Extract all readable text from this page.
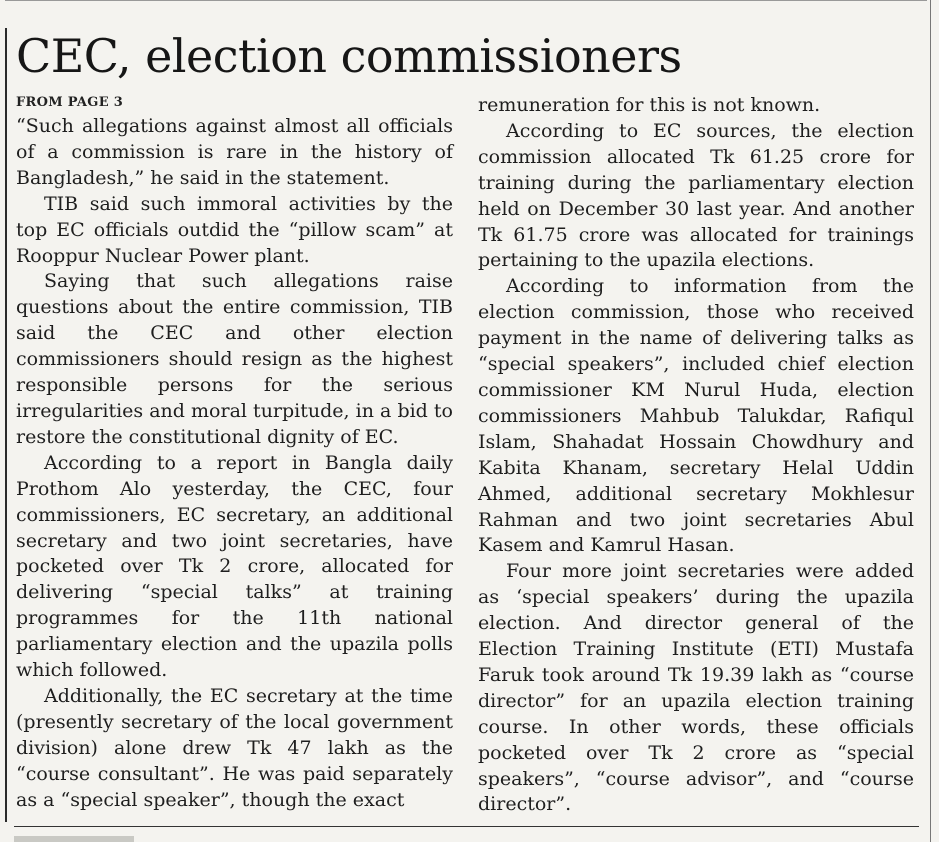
CEC, election commissioners
FROM PAGE 3

“Such allegations against almost all officials of a commission is rare in the history of Bangladesh,” he said in the statement.

TIB said such immoral activities by the top EC officials outdid the “pillow scam” at Rooppur Nuclear Power plant.

Saying that such allegations raise questions about the entire commission, TIB said the CEC and other election commissioners should resign as the highest responsible persons for the serious irregularities and moral turpitude, in a bid to restore the constitutional dignity of EC.

According to a report in Bangla daily Prothom Alo yesterday, the CEC, four commissioners, EC secretary, an additional secretary and two joint secretaries, have pocketed over Tk 2 crore, allocated for delivering “special talks” at training programmes for the 11th national parliamentary election and the upazila polls which followed.

Additionally, the EC secretary at the time (presently secretary of the local government division) alone drew Tk 47 lakh as the “course consultant”. He was paid separately as a “special speaker”, though the exact

remuneration for this is not known.

According to EC sources, the election commission allocated Tk 61.25 crore for training during the parliamentary election held on December 30 last year. And another Tk 61.75 crore was allocated for trainings pertaining to the upazila elections.

According to information from the election commission, those who received payment in the name of delivering talks as “special speakers”, included chief election commissioner KM Nurul Huda, election commissioners Mahbub Talukdar, Rafiqul Islam, Shahadat Hossain Chowdhury and Kabita Khanam, secretary Helal Uddin Ahmed, additional secretary Mokhlesur Rahman and two joint secretaries Abul Kasem and Kamrul Hasan.

Four more joint secretaries were added as ‘special speakers’ during the upazila election. And director general of the Election Training Institute (ETI) Mustafa Faruk took around Tk 19.39 lakh as “course director” for an upazila election training course. In other words, these officials pocketed over Tk 2 crore as “special speakers”, “course advisor”, and “course director”.
